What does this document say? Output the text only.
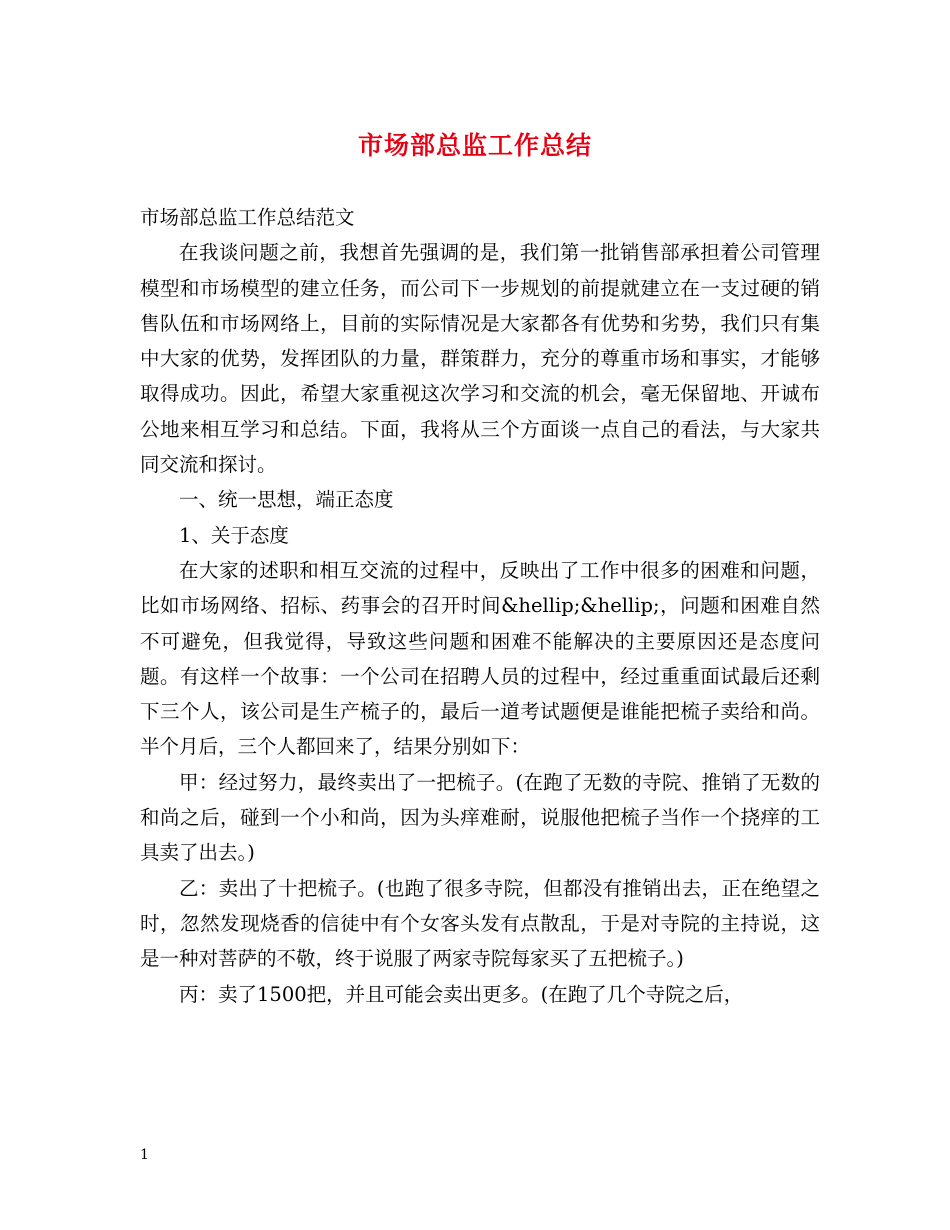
市场部总监工作总结

市场部总监工作总结范文

在我谈问题之前，我想首先强调的是，我们第一批销售部承担着公司管理模型和市场模型的建立任务，而公司下一步规划的前提就建立在一支过硬的销售队伍和市场网络上，目前的实际情况是大家都各有优势和劣势，我们只有集中大家的优势，发挥团队的力量，群策群力，充分的尊重市场和事实，才能够取得成功。因此，希望大家重视这次学习和交流的机会，毫无保留地、开诚布公地来相互学习和总结。下面，我将从三个方面谈一点自己的看法，与大家共同交流和探讨。

一、统一思想，端正态度

1、关于态度

在大家的述职和相互交流的过程中，反映出了工作中很多的困难和问题，比如市场网络、招标、药事会的召开时间&hellip;&hellip;，问题和困难自然不可避免，但我觉得，导致这些问题和困难不能解决的主要原因还是态度问题。有这样一个故事：一个公司在招聘人员的过程中，经过重重面试最后还剩下三个人，该公司是生产梳子的，最后一道考试题便是谁能把梳子卖给和尚。半个月后，三个人都回来了，结果分别如下：

甲：经过努力，最终卖出了一把梳子。(在跑了无数的寺院、推销了无数的和尚之后，碰到一个小和尚，因为头痒难耐，说服他把梳子当作一个挠痒的工具卖了出去。)

乙：卖出了十把梳子。(也跑了很多寺院，但都没有推销出去，正在绝望之时，忽然发现烧香的信徒中有个女客头发有点散乱，于是对寺院的主持说，这是一种对菩萨的不敬，终于说服了两家寺院每家买了五把梳子。)

丙：卖了1500把，并且可能会卖出更多。(在跑了几个寺院之后，

1
